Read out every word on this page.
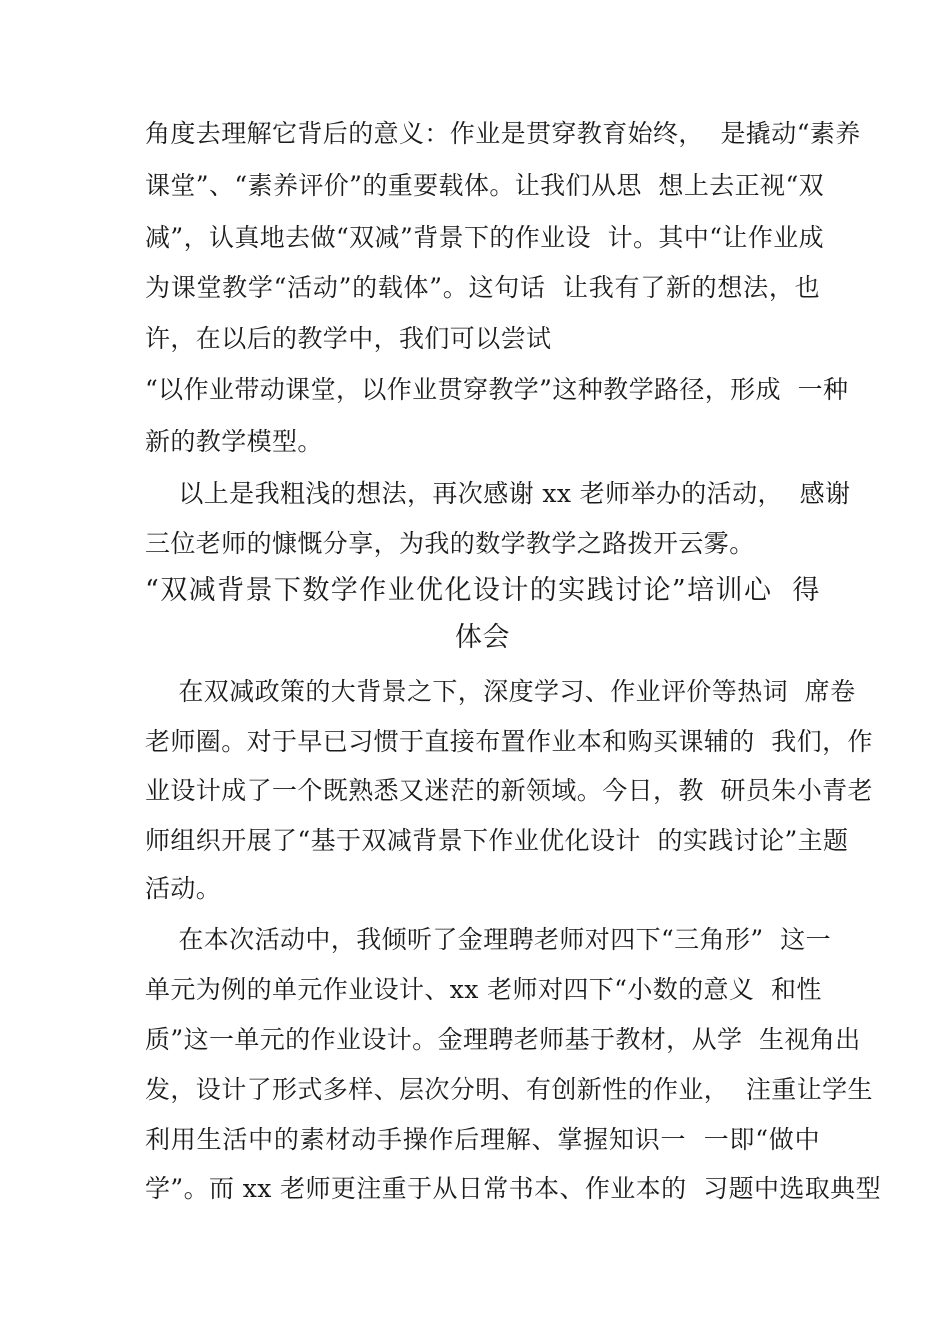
角度去理解它背后的意义：作业是贯穿教育始终，  是撬动“素养
课堂”、“素养评价”的重要载体。让我们从思  想上去正视“双
减”，认真地去做“双减”背景下的作业设  计。其中“让作业成
为课堂教学“活动”的载体”。这句话  让我有了新的想法，也
许，在以后的教学中，我们可以尝试
“以作业带动课堂，以作业贯穿教学”这种教学路径，形成  一种
新的教学模型。
以上是我粗浅的想法，再次感谢 xx 老师举办的活动，  感谢
三位老师的慷慨分享，为我的数学教学之路拨开云雾。
“双减背景下数学作业优化设计的实践讨论”培训心  得
体会
在双减政策的大背景之下，深度学习、作业评价等热词  席卷
老师圈。对于早已习惯于直接布置作业本和购买课辅的  我们，作
业设计成了一个既熟悉又迷茫的新领域。今日，教  研员朱小青老
师组织开展了“基于双减背景下作业优化设计  的实践讨论”主题
活动。
在本次活动中，我倾听了金理聘老师对四下“三角形”  这一
单元为例的单元作业设计、xx 老师对四下“小数的意义  和性
质”这一单元的作业设计。金理聘老师基于教材，从学  生视角出
发，设计了形式多样、层次分明、有创新性的作业，  注重让学生
利用生活中的素材动手操作后理解、掌握知识一  一即“做中
学”。而 xx 老师更注重于从日常书本、作业本的  习题中选取典型
